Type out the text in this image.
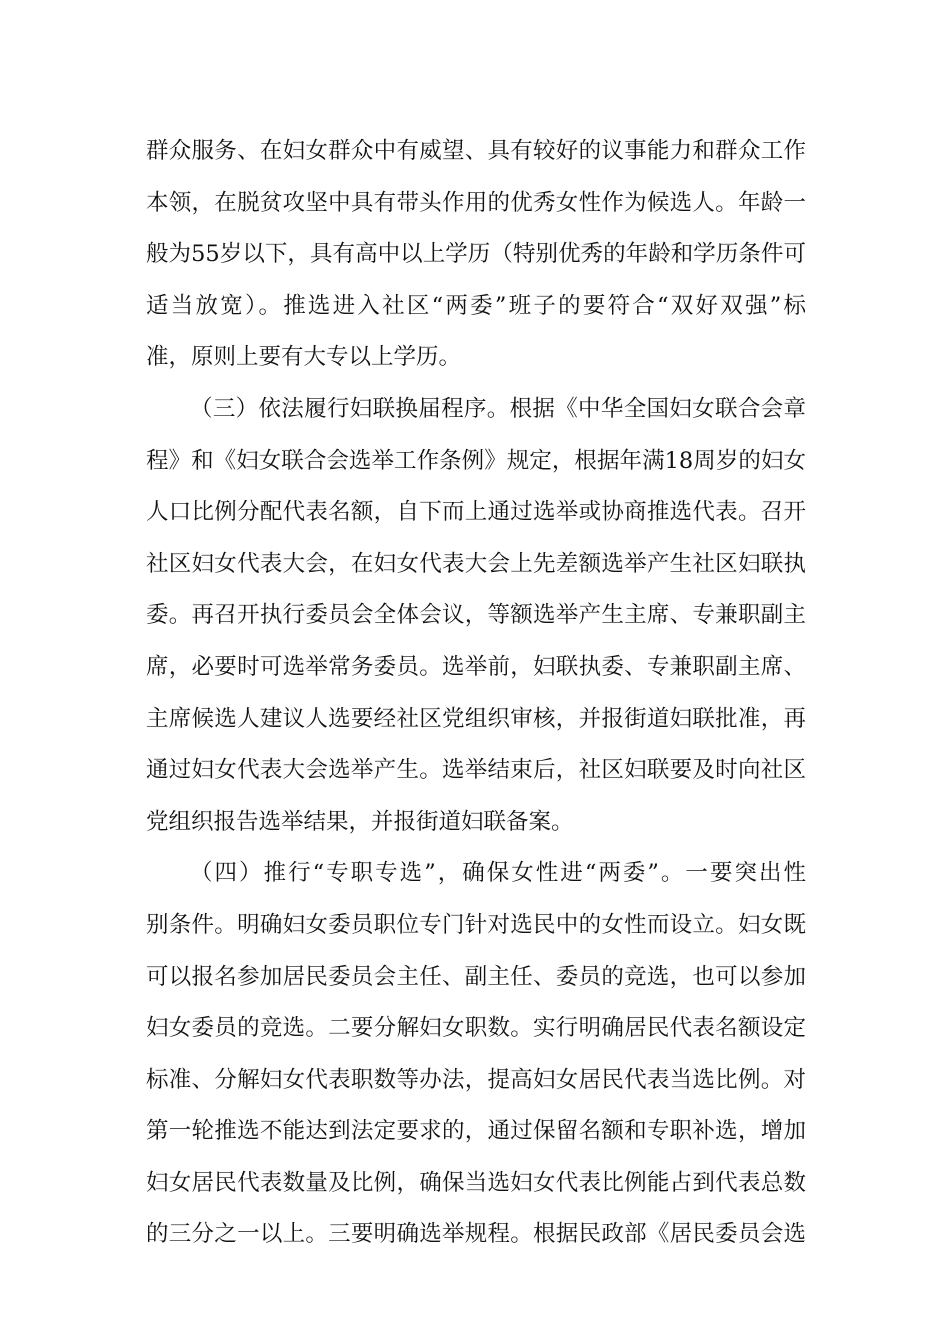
群众服务、在妇女群众中有威望、具有较好的议事能力和群众工作
本领，在脱贫攻坚中具有带头作用的优秀女性作为候选人。年龄一
般为55岁以下，具有高中以上学历（特别优秀的年龄和学历条件可
适当放宽）。推选进入社区“两委”班子的要符合“双好双强”标
准，原则上要有大专以上学历。
（三）依法履行妇联换届程序。根据《中华全国妇女联合会章
程》和《妇女联合会选举工作条例》规定，根据年满18周岁的妇女
人口比例分配代表名额，自下而上通过选举或协商推选代表。召开
社区妇女代表大会，在妇女代表大会上先差额选举产生社区妇联执
委。再召开执行委员会全体会议，等额选举产生主席、专兼职副主
席，必要时可选举常务委员。选举前，妇联执委、专兼职副主席、
主席候选人建议人选要经社区党组织审核，并报街道妇联批准，再
通过妇女代表大会选举产生。选举结束后，社区妇联要及时向社区
党组织报告选举结果，并报街道妇联备案。
（四）推行“专职专选”，确保女性进“两委”。一要突出性
别条件。明确妇女委员职位专门针对选民中的女性而设立。妇女既
可以报名参加居民委员会主任、副主任、委员的竞选，也可以参加
妇女委员的竞选。二要分解妇女职数。实行明确居民代表名额设定
标准、分解妇女代表职数等办法，提高妇女居民代表当选比例。对
第一轮推选不能达到法定要求的，通过保留名额和专职补选，增加
妇女居民代表数量及比例，确保当选妇女代表比例能占到代表总数
的三分之一以上。三要明确选举规程。根据民政部《居民委员会选
